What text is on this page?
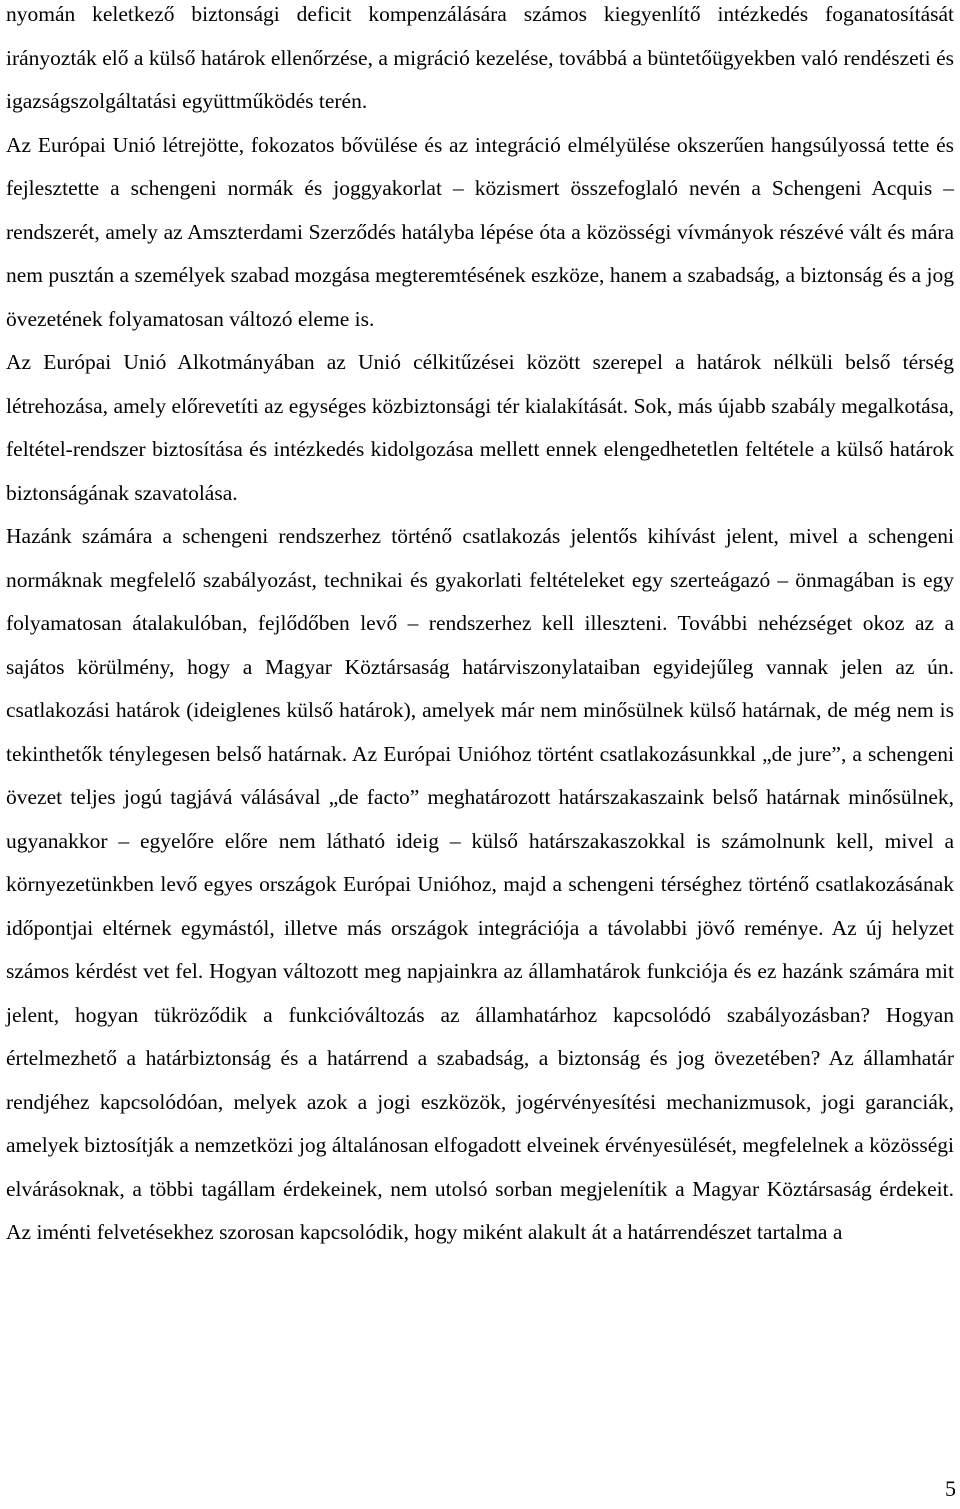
nyomán keletkező biztonsági deficit kompenzálására számos kiegyenlítő intézkedés foganatosítását irányozták elő a külső határok ellenőrzése, a migráció kezelése, továbbá a büntetőügyekben való rendészeti és igazságszolgáltatási együttműködés terén.

Az Európai Unió létrejötte, fokozatos bővülése és az integráció elmélyülése okszerűen hangsúlyossá tette és fejlesztette a schengeni normák és joggyakorlat – közismert összefoglaló nevén a Schengeni Acquis – rendszerét, amely az Amszterdami Szerződés hatályba lépése óta a közösségi vívmányok részévé vált és mára nem pusztán a személyek szabad mozgása megteremtésének eszköze, hanem a szabadság, a biztonság és a jog övezetének folyamatosan változó eleme is.

Az Európai Unió Alkotmányában az Unió célkitűzései között szerepel a határok nélküli belső térség létrehozása, amely előrevetíti az egységes közbiztonsági tér kialakítását. Sok, más újabb szabály megalkotása, feltétel-rendszer biztosítása és intézkedés kidolgozása mellett ennek elengedhetetlen feltétele a külső határok biztonságának szavatolása.

Hazánk számára a schengeni rendszerhez történő csatlakozás jelentős kihívást jelent, mivel a schengeni normáknak megfelelő szabályozást, technikai és gyakorlati feltételeket egy szerteágazó – önmagában is egy folyamatosan átalakulóban, fejlődőben levő – rendszerhez kell illeszteni. További nehézséget okoz az a sajátos körülmény, hogy a Magyar Köztársaság határviszonylataiban egyidejűleg vannak jelen az ún. csatlakozási határok (ideiglenes külső határok), amelyek már nem minősülnek külső határnak, de még nem is tekinthetők ténylegesen belső határnak. Az Európai Unióhoz történt csatlakozásunkkal „de jure”, a schengeni övezet teljes jogú tagjává válásával „de facto” meghatározott határszakaszaink belső határnak minősülnek, ugyanakkor – egyelőre előre nem látható ideig – külső határszakaszokkal is számolnunk kell, mivel a környezetünkben levő egyes országok Európai Unióhoz, majd a schengeni térséghez történő csatlakozásának időpontjai eltérnek egymástól, illetve más országok integrációja a távolabbi jövő reménye. Az új helyzet számos kérdést vet fel. Hogyan változott meg napjainkra az államhatárok funkciója és ez hazánk számára mit jelent, hogyan tükröződik a funkcióváltozás az államhatárhoz kapcsolódó szabályozásban? Hogyan értelmezhető a határbiztonság és a határrend a szabadság, a biztonság és jog övezetében? Az államhatár rendjéhez kapcsolódóan, melyek azok a jogi eszközök, jogérvényesítési mechanizmusok, jogi garanciák, amelyek biztosítják a nemzetközi jog általánosan elfogadott elveinek érvényesülését, megfelelnek a közösségi elvárásoknak, a többi tagállam érdekeinek, nem utolsó sorban megjelenítik a Magyar Köztársaság érdekeit. Az iménti felvetésekhez szorosan kapcsolódik, hogy miként alakult át a határrendészet tartalma a

5
